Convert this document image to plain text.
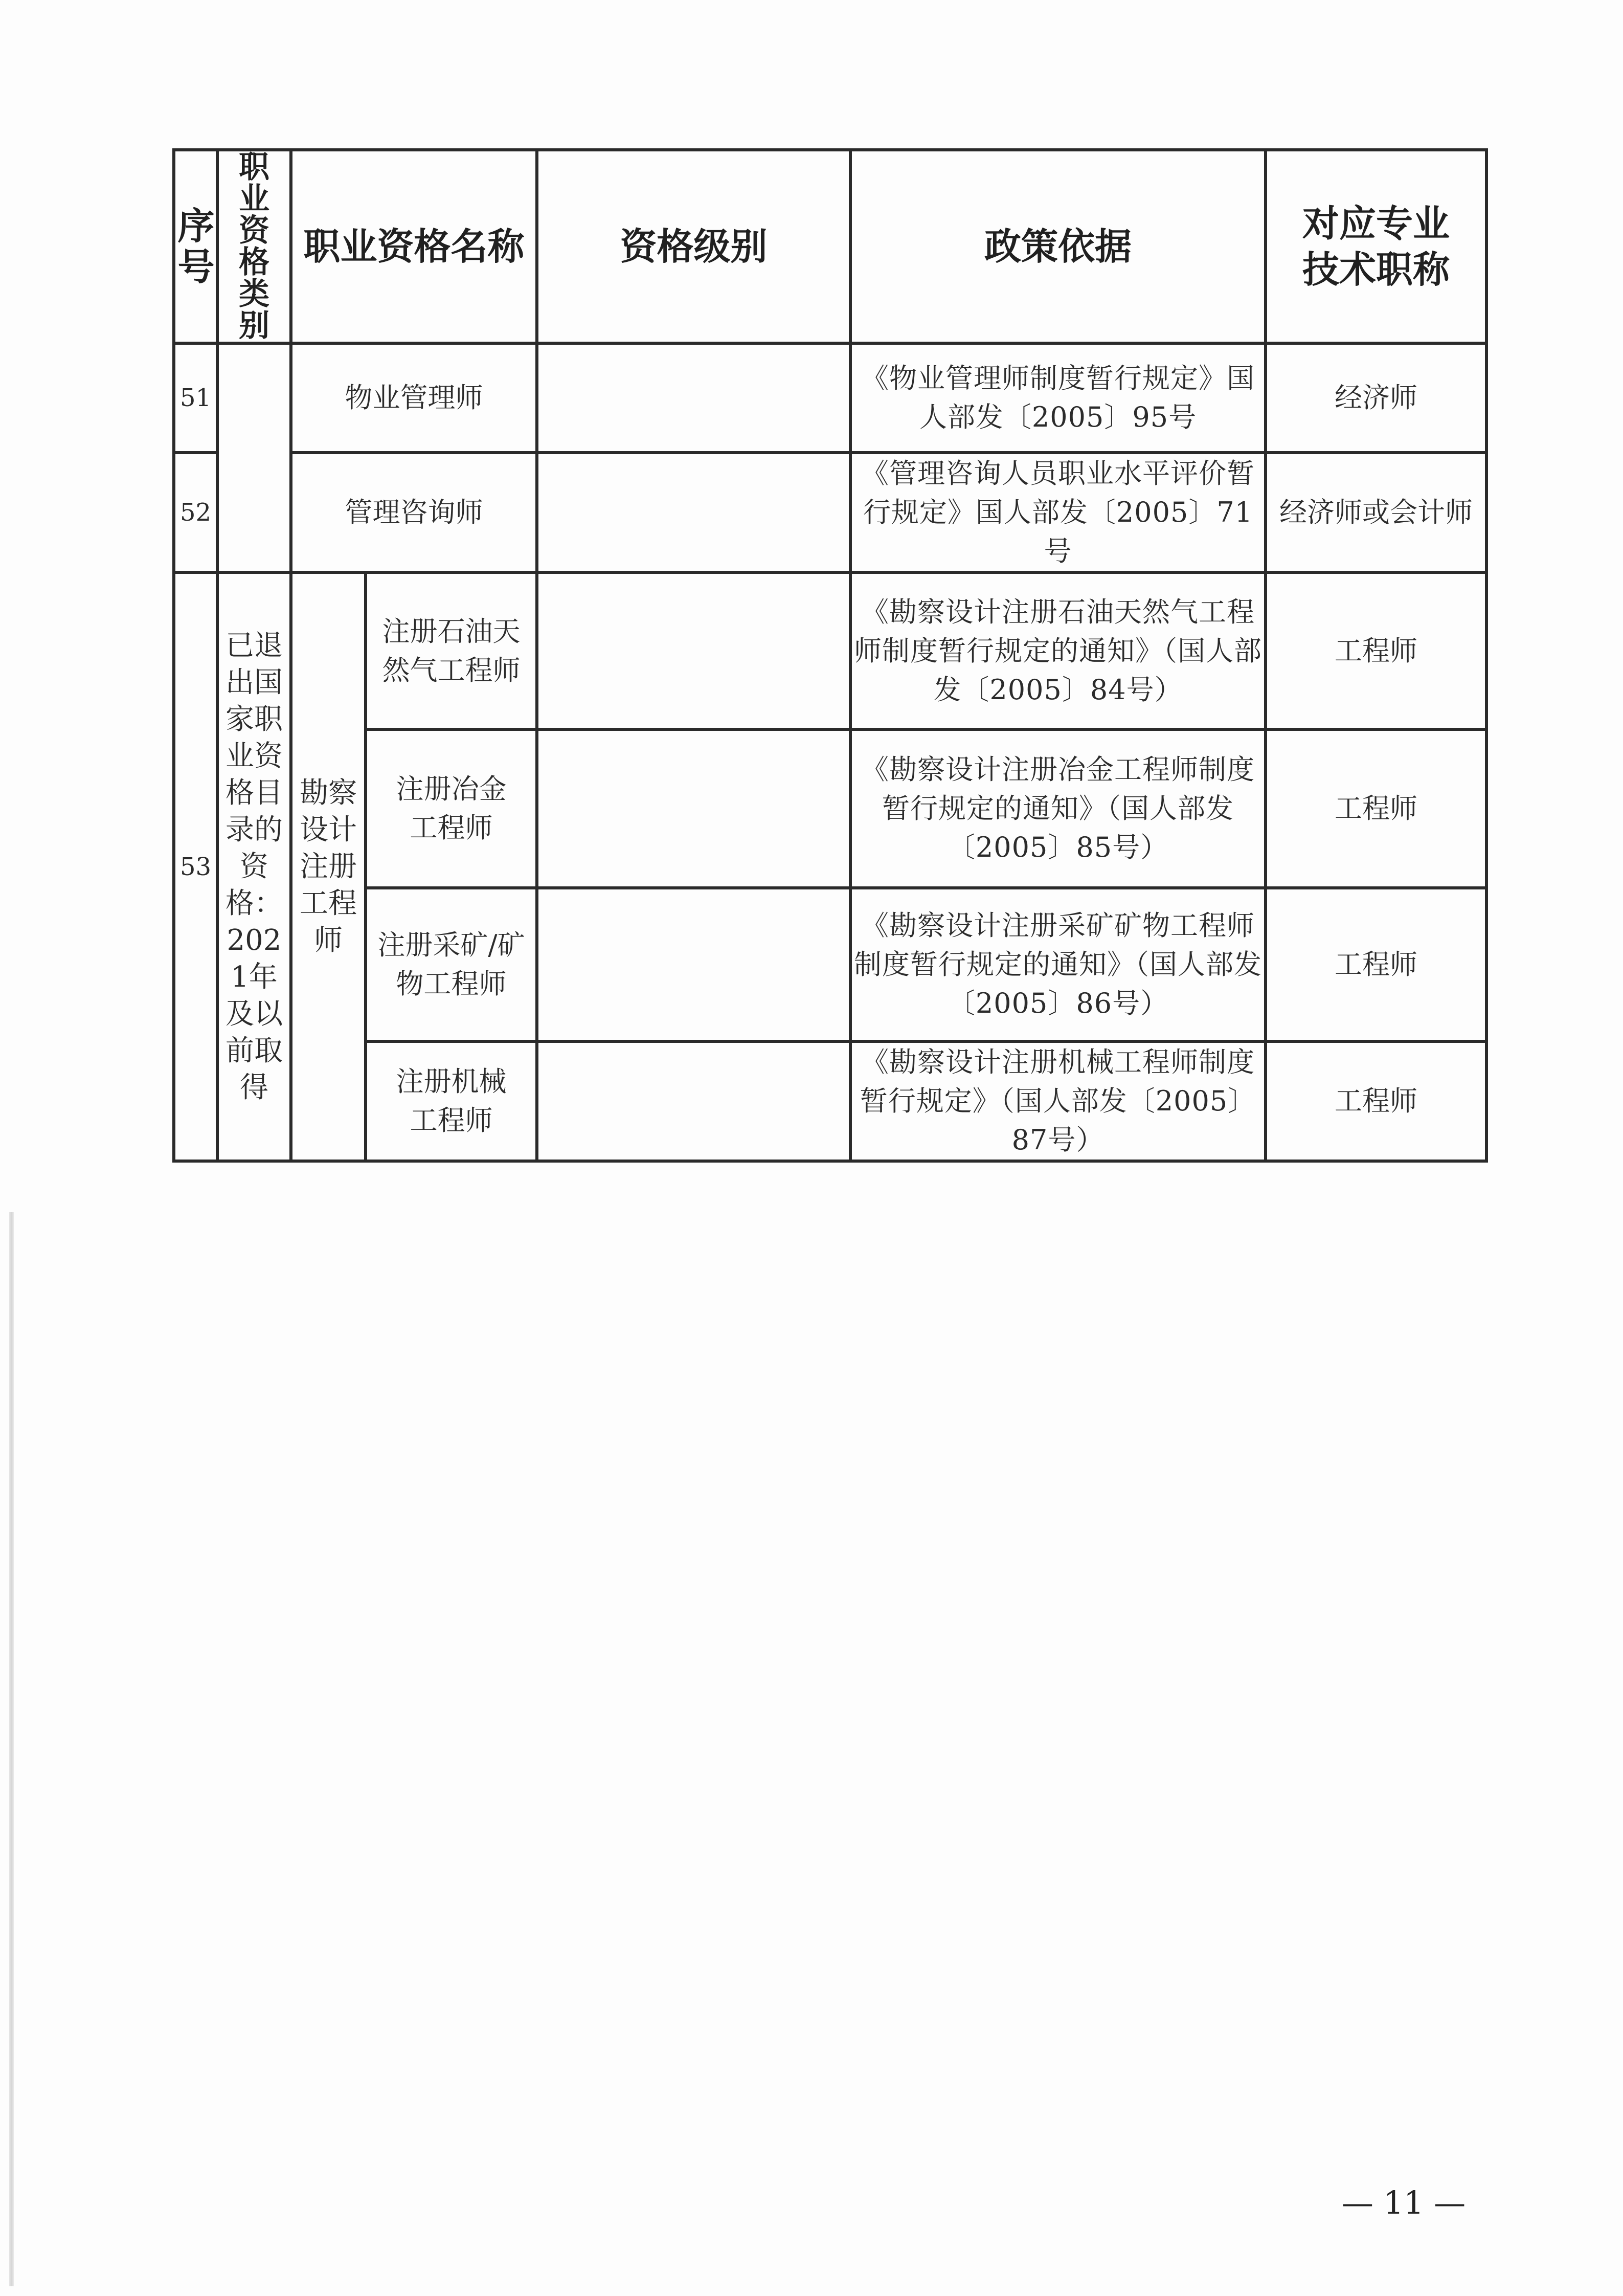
序号	职业资格类别	职业资格名称		资格级别	政策依据	对应专业技术职称
51		物业管理师			《物业管理师制度暂行规定》国人部发〔2005〕95号	经济师
52		管理咨询师			《管理咨询人员职业水平评价暂行规定》国人部发〔2005〕71号	经济师或会计师
53	已退出国家职业资格目录的资格：2021年及以前取得	勘察设计注册工程师	注册石油天然气工程师		《勘察设计注册石油天然气工程师制度暂行规定的通知》（国人部发〔2005〕84号）	工程师
			注册冶金工程师		《勘察设计注册冶金工程师制度暂行规定的通知》（国人部发〔2005〕85号）	工程师
			注册采矿/矿物工程师		《勘察设计注册采矿矿物工程师制度暂行规定的通知》（国人部发〔2005〕86号）	工程师
			注册机械工程师		《勘察设计注册机械工程师制度暂行规定》（国人部发〔2005〕87号）	工程师
— 11 —
